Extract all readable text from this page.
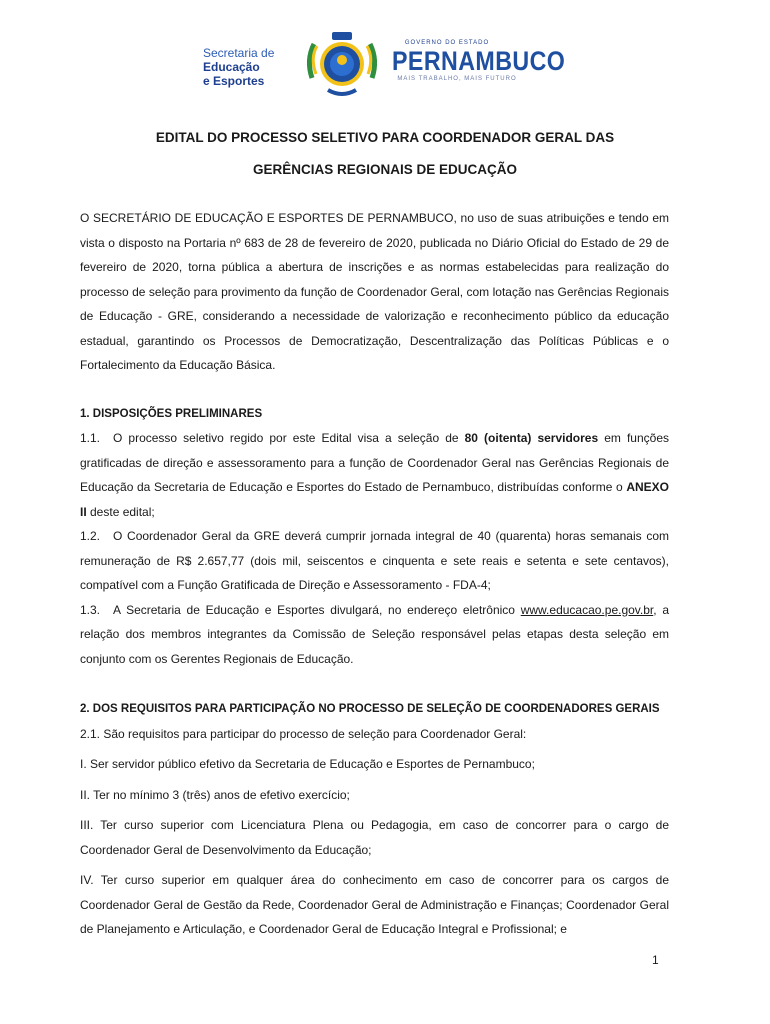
Secretaria de
Educação
e Esportes
GOVERNO DO ESTADO
PERNAMBUCO
MAIS TRABALHO, MAIS FUTURO
EDITAL DO PROCESSO SELETIVO PARA COORDENADOR GERAL DAS
GERÊNCIAS REGIONAIS DE EDUCAÇÃO

O SECRETÁRIO DE EDUCAÇÃO E ESPORTES DE PERNAMBUCO, no uso de suas atribuições e tendo em vista o disposto na Portaria nº 683 de 28 de fevereiro de 2020, publicada no Diário Oficial do Estado de 29 de fevereiro de 2020, torna pública a abertura de inscrições e as normas estabelecidas para realização do processo de seleção para provimento da função de Coordenador Geral, com lotação nas Gerências Regionais de Educação - GRE, considerando a necessidade de valorização e reconhecimento público da educação estadual, garantindo os Processos de Democratização, Descentralização das Políticas Públicas e o Fortalecimento da Educação Básica.

1. DISPOSIÇÕES PRELIMINARES

1.1. O processo seletivo regido por este Edital visa a seleção de 80 (oitenta) servidores em funções gratificadas de direção e assessoramento para a função de Coordenador Geral nas Gerências Regionais de Educação da Secretaria de Educação e Esportes do Estado de Pernambuco, distribuídas conforme o ANEXO II deste edital;

1.2. O Coordenador Geral da GRE deverá cumprir jornada integral de 40 (quarenta) horas semanais com remuneração de R$ 2.657,77 (dois mil, seiscentos e cinquenta e sete reais e setenta e sete centavos), compatível com a Função Gratificada de Direção e Assessoramento - FDA-4;

1.3. A Secretaria de Educação e Esportes divulgará, no endereço eletrônico www.educacao.pe.gov.br, a relação dos membros integrantes da Comissão de Seleção responsável pelas etapas desta seleção em conjunto com os Gerentes Regionais de Educação.

2. DOS REQUISITOS PARA PARTICIPAÇÃO NO PROCESSO DE SELEÇÃO DE COORDENADORES GERAIS

2.1. São requisitos para participar do processo de seleção para Coordenador Geral:

I. Ser servidor público efetivo da Secretaria de Educação e Esportes de Pernambuco;

II. Ter no mínimo 3 (três) anos de efetivo exercício;

III. Ter curso superior com Licenciatura Plena ou Pedagogia, em caso de concorrer para o cargo de Coordenador Geral de Desenvolvimento da Educação;

IV. Ter curso superior em qualquer área do conhecimento em caso de concorrer para os cargos de Coordenador Geral de Gestão da Rede, Coordenador Geral de Administração e Finanças; Coordenador Geral de Planejamento e Articulação, e Coordenador Geral de Educação Integral e Profissional; e

1
